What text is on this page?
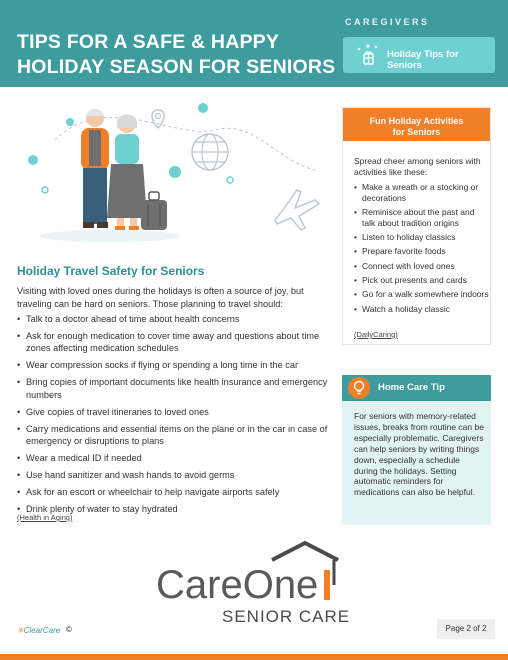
TIPS FOR A SAFE & HAPPY
HOLIDAY SEASON FOR SENIORS
CAREGIVERS
Holiday Tips for Seniors
Holiday Travel Safety for Seniors
Visiting with loved ones during the holidays is often a source of joy, but traveling can be hard on seniors. Those planning to travel should:
• Talk to a doctor ahead of time about health concerns
• Ask for enough medication to cover time away and questions about time zones affecting medication schedules
• Wear compression socks if flying or spending a long time in the car
• Bring copies of important documents like health insurance and emergency numbers
• Give copies of travel itineraries to loved ones
• Carry medications and essential items on the plane or in the car in case of emergency or disruptions to plans
• Wear a medical ID if needed
• Use hand sanitizer and wash hands to avoid germs
• Ask for an escort or wheelchair to help navigate airports safely
• Drink plenty of water to stay hydrated
(Health in Aging)
Fun Holiday Activities
for Seniors
Spread cheer among seniors with activities like these:
• Make a wreath or a stocking or decorations
• Reminisce about the past and talk about tradition origins
• Listen to holiday classics
• Prepare favorite foods
• Connect with loved ones
• Pick out presents and cards
• Go for a walk somewhere indoors
• Watch a holiday classic
(DailyCaring)
Home Care Tip
For seniors with memory-related issues, breaks from routine can be especially problematic. Caregivers can help seniors by writing things down, especially a schedule during the holidays. Setting automatic reminders for medications can also be helpful.
CareOne
SENIOR CARE
✳ClearCare ©	Page 2 of 2
